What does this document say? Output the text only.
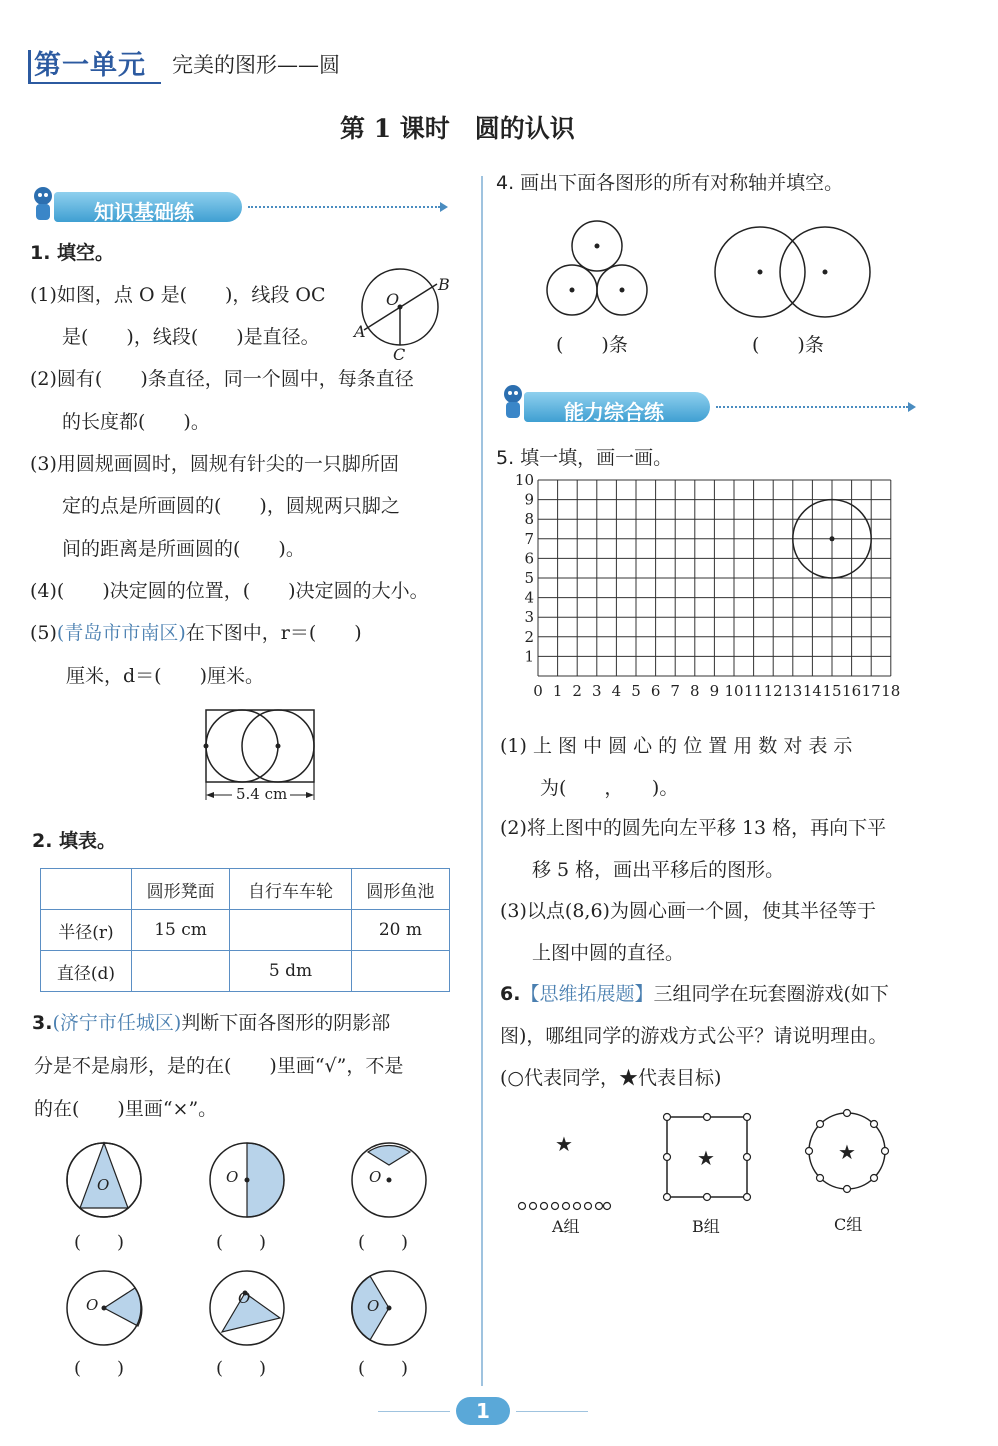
第一单元 完美的图形——圆
第 1 课时　圆的认识
知识基础练
1. 填空。
(1)如图，点 O 是(　　)，线段 OC
是(　　)，线段(　　)是直径。
O
B
A
C
(2)圆有(　　)条直径，同一个圆中，每条直径
的长度都(　　)。
(3)用圆规画圆时，圆规有针尖的一只脚所固
定的点是所画圆的(　　)，圆规两只脚之
间的距离是所画圆的(　　)。
(4)(　　)决定圆的位置，(　　)决定圆的大小。
(5)(青岛市市南区)在下图中，r＝(　　)
厘米，d＝(　　)厘米。
5.4 cm
2. 填表。
	圆形凳面	自行车车轮	圆形鱼池
半径(r)	15 cm		20 m
直径(d)		5 dm	
3.(济宁市任城区)判断下面各图形的阴影部
分是不是扇形，是的在(　　)里画“√”，不是
的在(　　)里画“×”。
O	O	O
O	O	O
(　　)	(　　)	(　　)
(　　)	(　　)	(　　)
4. 画出下面各图形的所有对称轴并填空。
(　　)条	(　　)条
能力综合练
5. 填一填，画一画。
0 1 2 3 4 5 6 7 8 9 10 11 12 13 14 15 16 17 18
1
2
3
4
5
6
7
8
9
10
(1) 上 图 中 圆 心 的 位 置 用 数 对 表 示
为(　　，　　)。
(2)将上图中的圆先向左平移 13 格，再向下平
移 5 格，画出平移后的图形。
(3)以点(8,6)为圆心画一个圆，使其半径等于
上图中圆的直径。
6.【思维拓展题】三组同学在玩套圈游戏(如下
图)，哪组同学的游戏方式公平？请说明理由。
(○代表同学，★代表目标)
★
★	★
A组	B组	C组
1
